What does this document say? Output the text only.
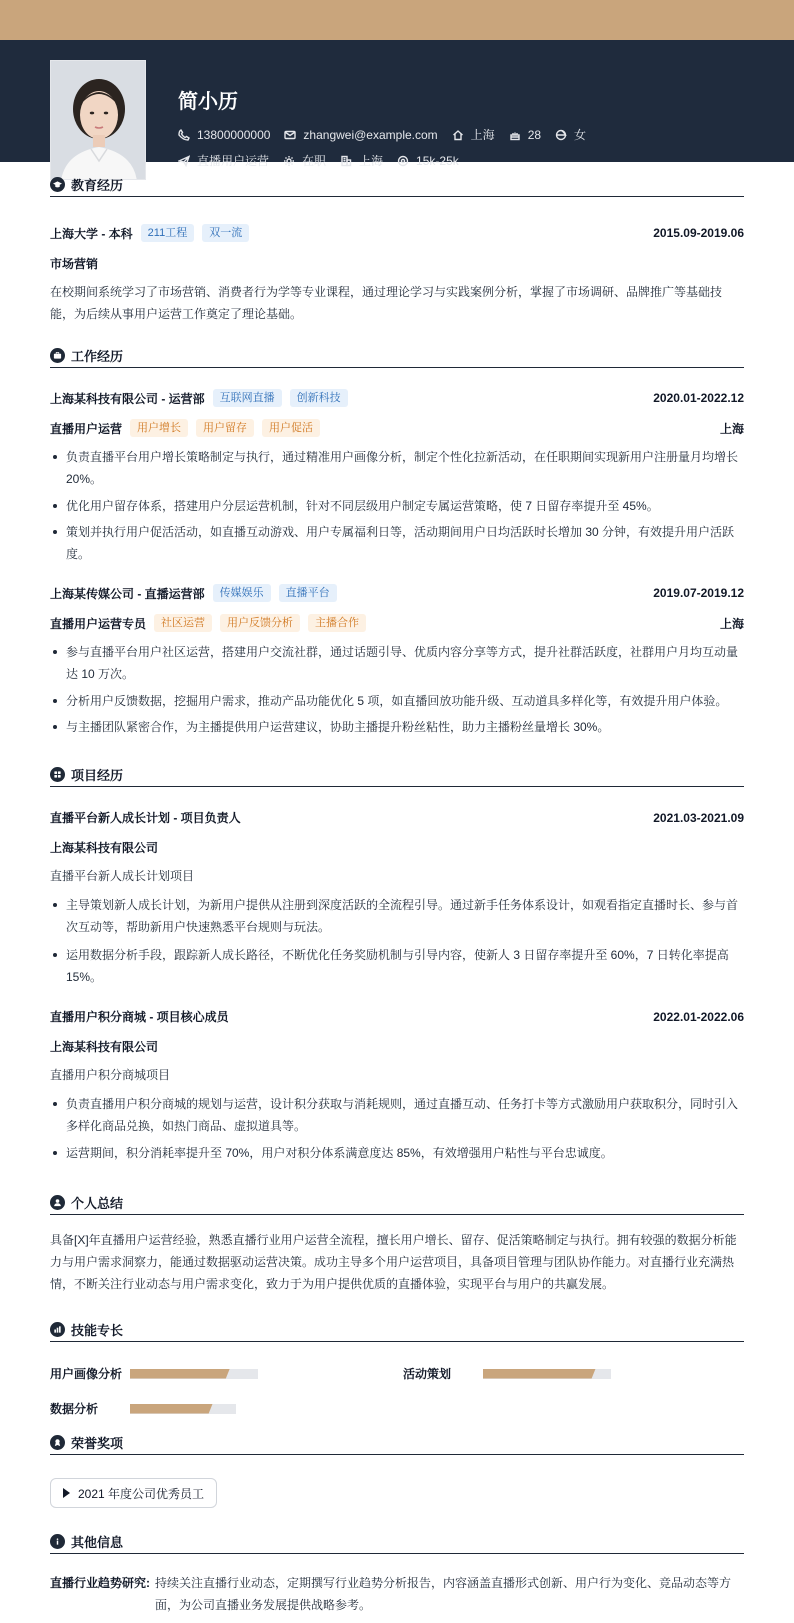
简小历
13800000000	zhangwei@example.com	上海	28	女
直播用户运营	在职	上海	15k-25k
教育经历
上海大学 - 本科	211工程	双一流	2015.09-2019.06
市场营销
在校期间系统学习了市场营销、消费者行为学等专业课程，通过理论学习与实践案例分析，掌握了市场调研、品牌推广等基础技能，为后续从事用户运营工作奠定了理论基础。
工作经历
上海某科技有限公司 - 运营部	互联网直播	创新科技	2020.01-2022.12
直播用户运营	用户增长	用户留存	用户促活	上海
负责直播平台用户增长策略制定与执行，通过精准用户画像分析，制定个性化拉新活动，在任职期间实现新用户注册量月均增长 20%。
优化用户留存体系，搭建用户分层运营机制，针对不同层级用户制定专属运营策略，使 7 日留存率提升至 45%。
策划并执行用户促活活动，如直播互动游戏、用户专属福利日等，活动期间用户日均活跃时长增加 30 分钟，有效提升用户活跃度。
上海某传媒公司 - 直播运营部	传媒娱乐	直播平台	2019.07-2019.12
直播用户运营专员	社区运营	用户反馈分析	主播合作	上海
参与直播平台用户社区运营，搭建用户交流社群，通过话题引导、优质内容分享等方式，提升社群活跃度，社群用户月均互动量达 10 万次。
分析用户反馈数据，挖掘用户需求，推动产品功能优化 5 项，如直播回放功能升级、互动道具多样化等，有效提升用户体验。
与主播团队紧密合作，为主播提供用户运营建议，协助主播提升粉丝粘性，助力主播粉丝量增长 30%。
项目经历
直播平台新人成长计划 - 项目负责人	2021.03-2021.09
上海某科技有限公司
直播平台新人成长计划项目
主导策划新人成长计划，为新用户提供从注册到深度活跃的全流程引导。通过新手任务体系设计，如观看指定直播时长、参与首次互动等，帮助新用户快速熟悉平台规则与玩法。
运用数据分析手段，跟踪新人成长路径，不断优化任务奖励机制与引导内容，使新人 3 日留存率提升至 60%，7 日转化率提高 15%。
直播用户积分商城 - 项目核心成员	2022.01-2022.06
上海某科技有限公司
直播用户积分商城项目
负责直播用户积分商城的规划与运营，设计积分获取与消耗规则，通过直播互动、任务打卡等方式激励用户获取积分，同时引入多样化商品兑换，如热门商品、虚拟道具等。
运营期间，积分消耗率提升至 70%，用户对积分体系满意度达 85%，有效增强用户粘性与平台忠诚度。
个人总结
具备[X]年直播用户运营经验，熟悉直播行业用户运营全流程，擅长用户增长、留存、促活策略制定与执行。拥有较强的数据分析能力与用户需求洞察力，能通过数据驱动运营决策。成功主导多个用户运营项目，具备项目管理与团队协作能力。对直播行业充满热情，不断关注行业动态与用户需求变化，致力于为用户提供优质的直播体验，实现平台与用户的共赢发展。
技能专长
用户画像分析	活动策划
数据分析
荣誉奖项
2021 年度公司优秀员工
其他信息
直播行业趋势研究: 持续关注直播行业动态，定期撰写行业趋势分析报告，内容涵盖直播形式创新、用户行为变化、竞品动态等方面，为公司直播业务发展提供战略参考。
